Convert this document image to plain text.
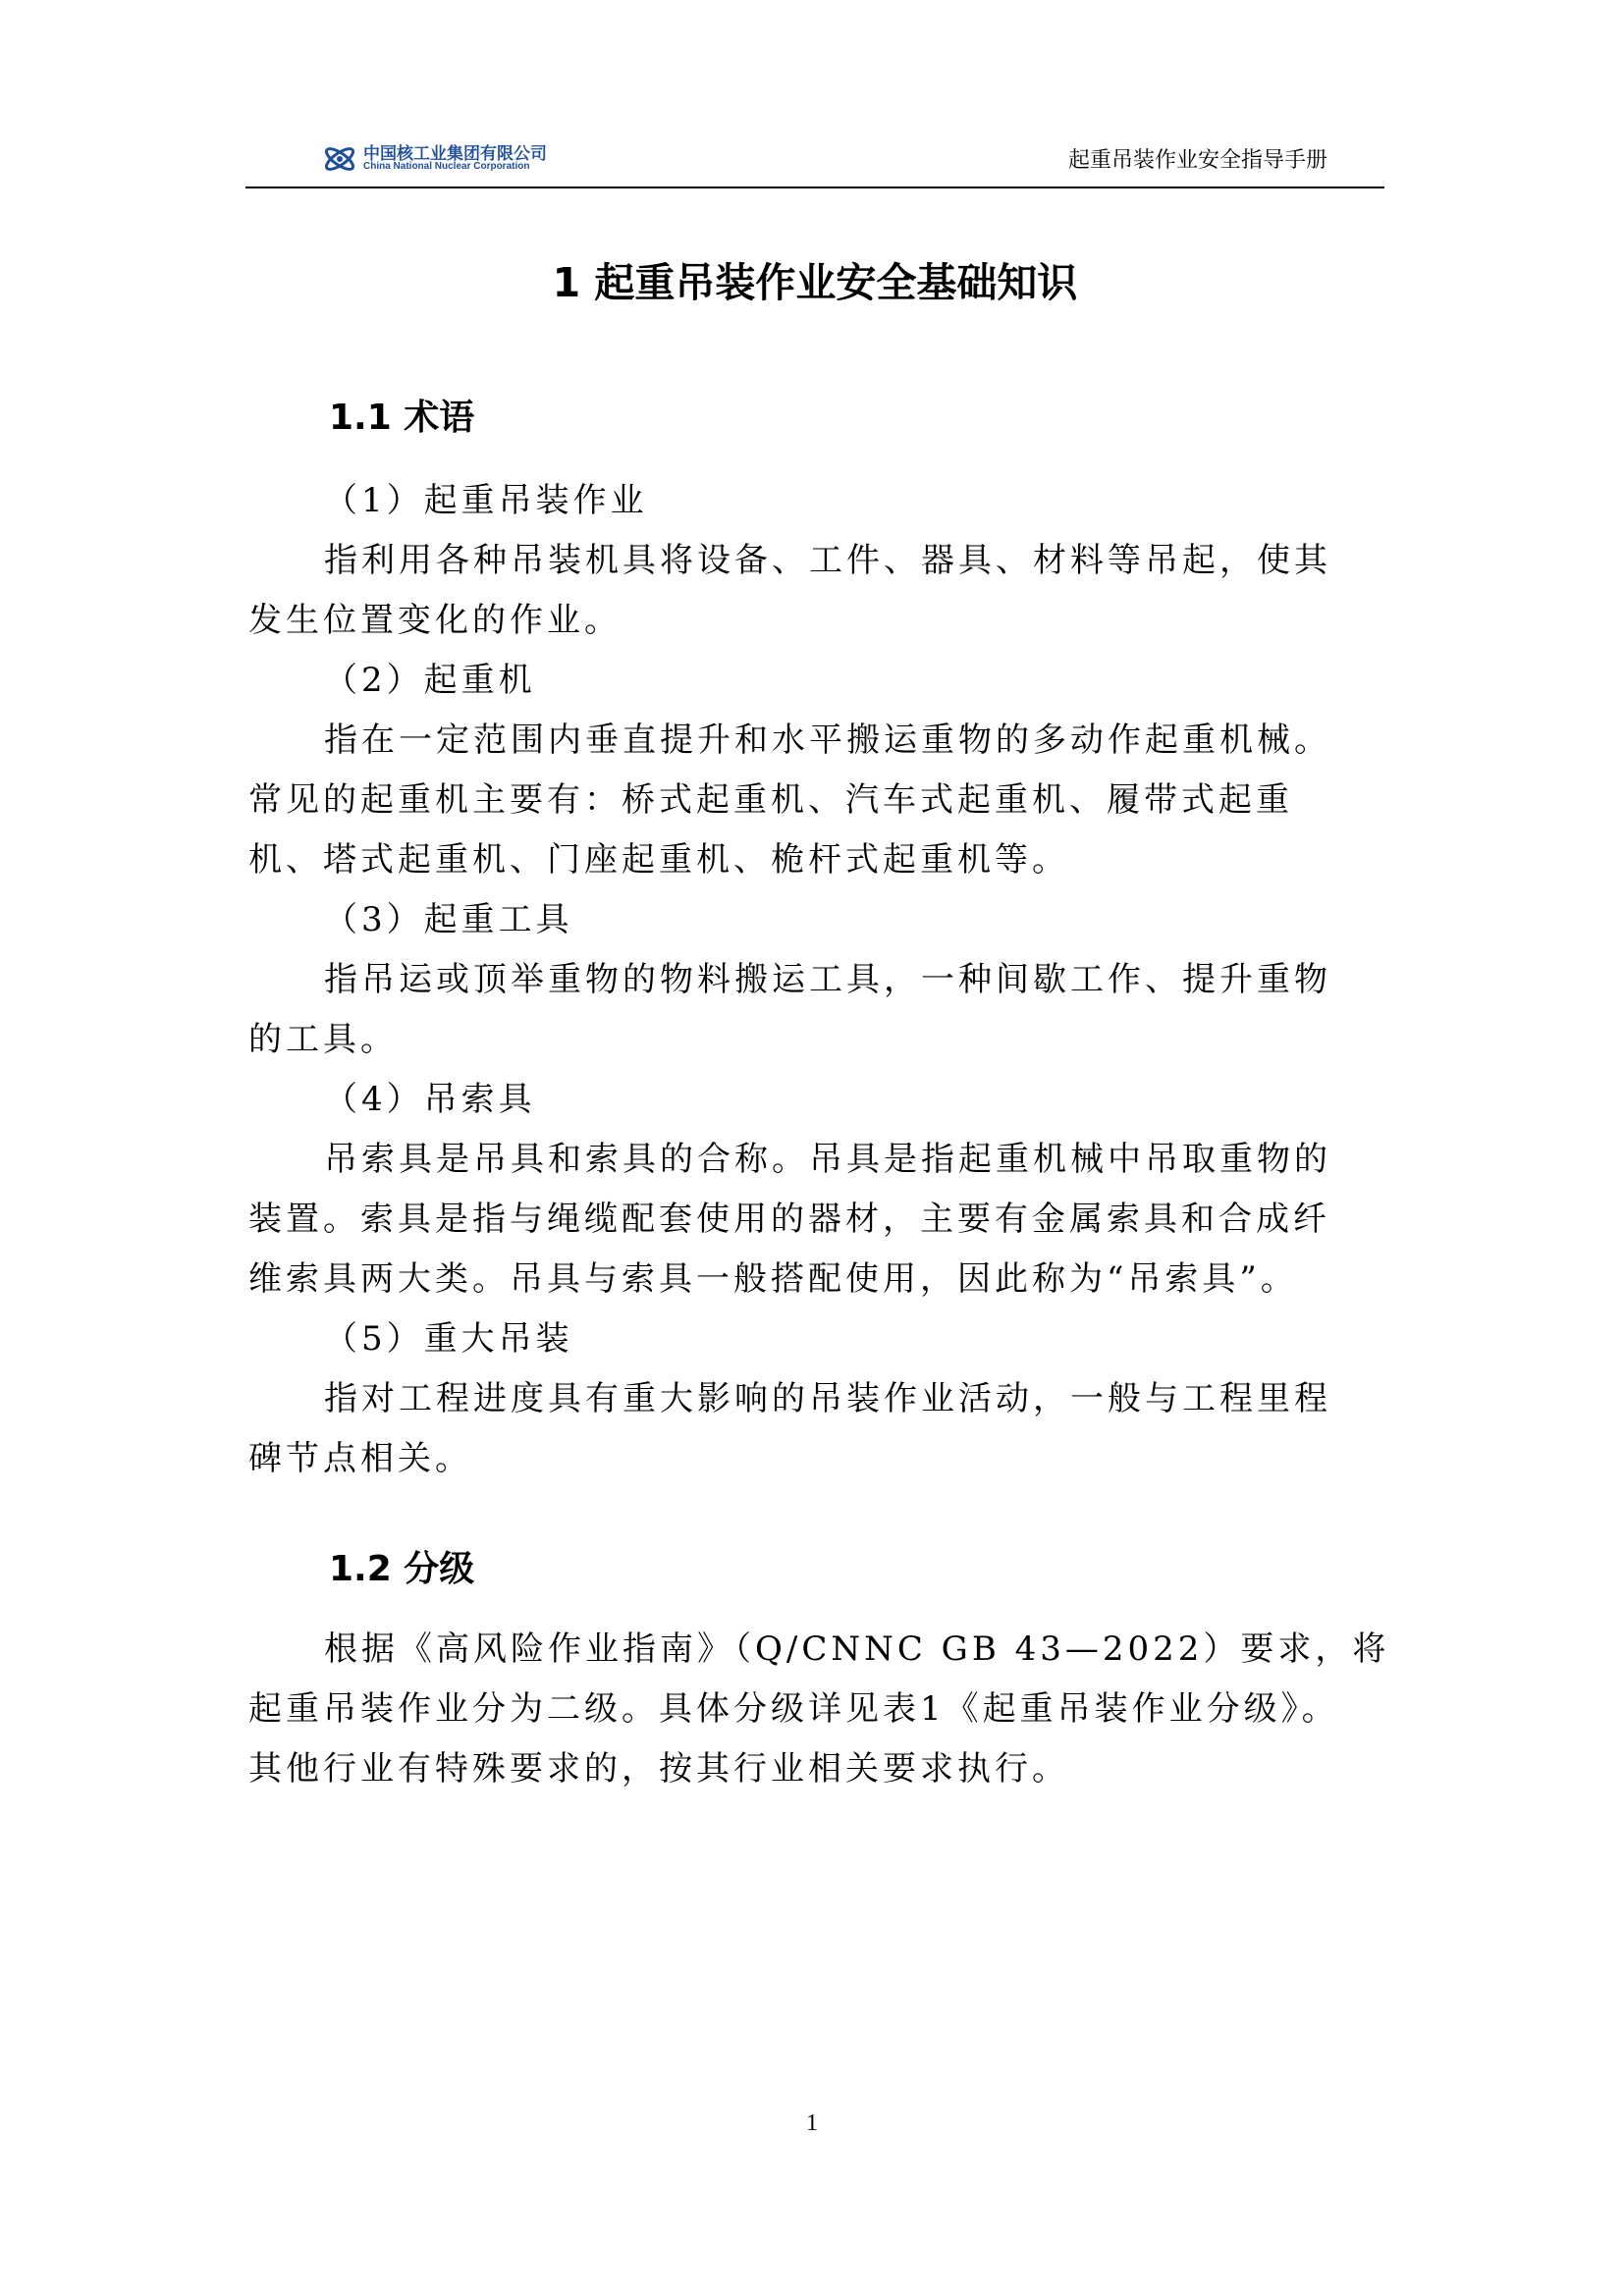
中国核工业集团有限公司
China National Nuclear Corporation	起重吊装作业安全指导手册
1 起重吊装作业安全基础知识
1.1 术语
（1）起重吊装作业
指利用各种吊装机具将设备、工件、器具、材料等吊起，使其
发生位置变化的作业。
（2）起重机
指在一定范围内垂直提升和水平搬运重物的多动作起重机械。
常见的起重机主要有：桥式起重机、汽车式起重机、履带式起重
机、塔式起重机、门座起重机、桅杆式起重机等。
（3）起重工具
指吊运或顶举重物的物料搬运工具，一种间歇工作、提升重物
的工具。
（4）吊索具
吊索具是吊具和索具的合称。吊具是指起重机械中吊取重物的
装置。索具是指与绳缆配套使用的器材，主要有金属索具和合成纤
维索具两大类。吊具与索具一般搭配使用，因此称为“吊索具”。
（5）重大吊装
指对工程进度具有重大影响的吊装作业活动，一般与工程里程
碑节点相关。
1.2 分级
根据《高风险作业指南》（Q/CNNC GB 43—2022）要求，将
起重吊装作业分为二级。具体分级详见表1《起重吊装作业分级》。
其他行业有特殊要求的，按其行业相关要求执行。
1
